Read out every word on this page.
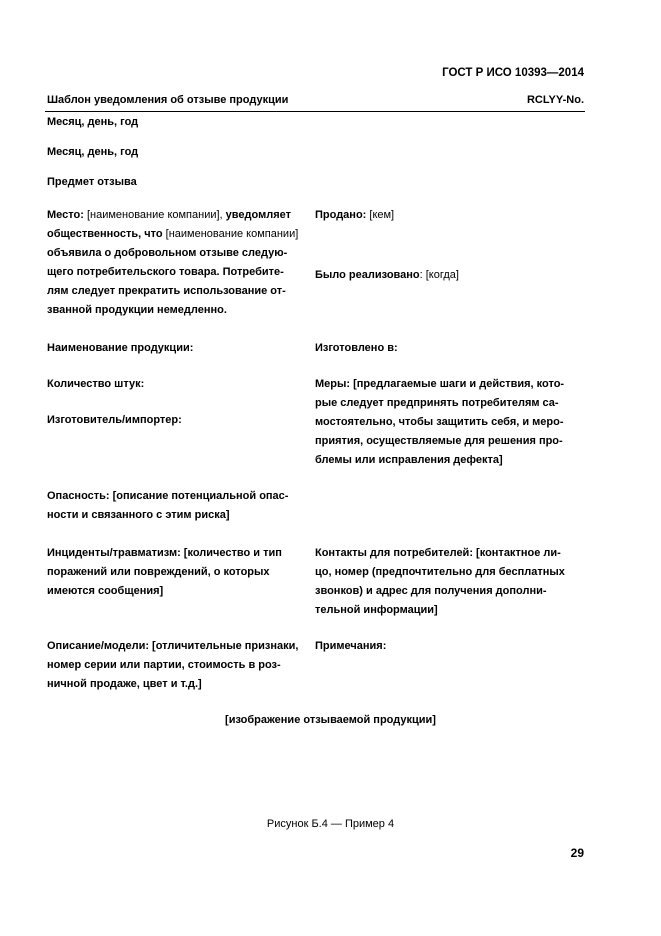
ГОСТ Р ИСО 10393—2014
Шаблон уведомления об отзыве продукции	RCLYY-No.
Месяц, день, год
Месяц, день, год
Предмет отзыва
Место: [наименование компании], уведомляет
общественность, что [наименование компании]
объявила о добровольном отзыве следую-
щего потребительского товара. Потребите-
лям следует прекратить использование от-
званной продукции немедленно.
Продано: [кем]
Было реализовано: [когда]
Наименование продукции:	Изготовлено в:
Количество штук:
Изготовитель/импортер:
Меры: [предлагаемые шаги и действия, кото-
рые следует предпринять потребителям са-
мостоятельно, чтобы защитить себя, и меро-
приятия, осуществляемые для решения про-
блемы или исправления дефекта]
Опасность: [описание потенциальной опас-
ности и связанного с этим риска]
Инциденты/травматизм: [количество и тип
поражений или повреждений, о которых
имеются сообщения]
Контакты для потребителей: [контактное ли-
цо, номер (предпочтительно для бесплатных
звонков) и адрес для получения дополни-
тельной информации]
Описание/модели: [отличительные признаки,
номер серии или партии, стоимость в роз-
ничной продаже, цвет и т.д.]
Примечания:
[изображение отзываемой продукции]
Рисунок Б.4 — Пример 4
29
